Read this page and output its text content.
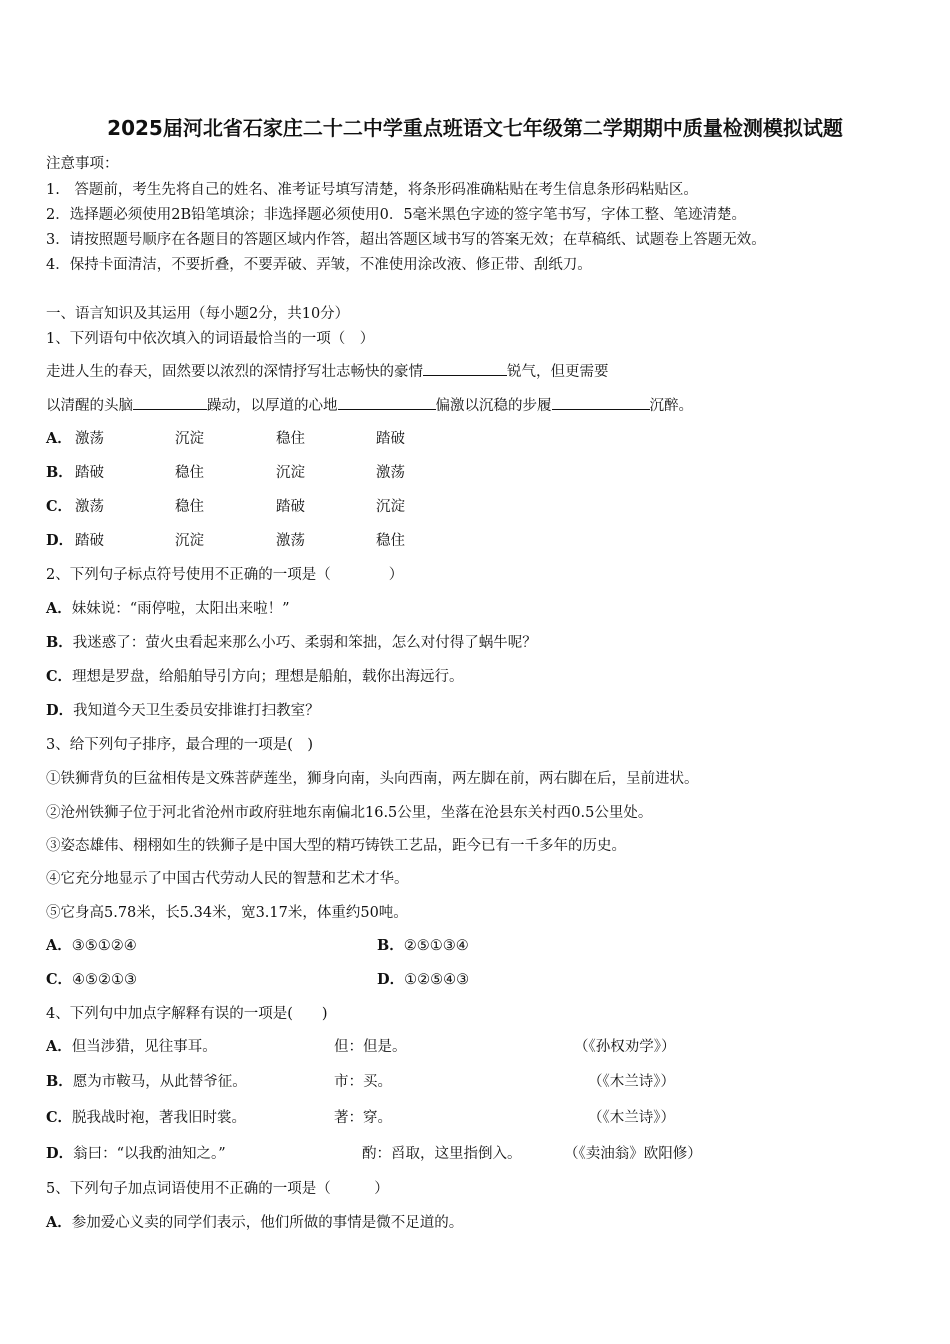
2025届河北省石家庄二十二中学重点班语文七年级第二学期期中质量检测模拟试题
注意事项：
1.　答题前，考生先将自己的姓名、准考证号填写清楚，将条形码准确粘贴在考生信息条形码粘贴区。
2．选择题必须使用2B铅笔填涂；非选择题必须使用0．5毫米黑色字迹的签字笔书写，字体工整、笔迹清楚。
3．请按照题号顺序在各题目的答题区域内作答，超出答题区域书写的答案无效；在草稿纸、试题卷上答题无效。
4．保持卡面清洁，不要折叠，不要弄破、弄皱，不准使用涂改液、修正带、刮纸刀。
一、语言知识及其运用（每小题2分，共10分）
1、下列语句中依次填入的词语最恰当的一项（　）
走进人生的春天，固然要以浓烈的深情抒写壮志畅快的豪情	锐气，但更需要
以清醒的头脑	躁动，以厚道的心地	偏激以沉稳的步履	沉醉。
A． 激荡	沉淀	稳住	踏破
B． 踏破	稳住	沉淀	激荡
C． 激荡	稳住	踏破	沉淀
D． 踏破	沉淀	激荡	稳住
2、下列句子标点符号使用不正确的一项是（　　　　）
A．妹妹说：“雨停啦，太阳出来啦！”
B．我迷惑了：萤火虫看起来那么小巧、柔弱和笨拙，怎么对付得了蜗牛呢？
C．理想是罗盘，给船舶导引方向；理想是船舶，载你出海远行。
D．我知道今天卫生委员安排谁打扫教室？
3、给下列句子排序，最合理的一项是(　)
①铁狮背负的巨盆相传是文殊菩萨莲坐，狮身向南，头向西南，两左脚在前，两右脚在后，呈前进状。
②沧州铁狮子位于河北省沧州市政府驻地东南偏北16.5公里，坐落在沧县东关村西0.5公里处。
③姿态雄伟、栩栩如生的铁狮子是中国大型的精巧铸铁工艺品，距今已有一千多年的历史。
④它充分地显示了中国古代劳动人民的智慧和艺术才华。
⑤它身高5.78米，长5.34米，宽3.17米，体重约50吨。
A．③⑤①②④	B．②⑤①③④
C．④⑤②①③	D．①②⑤④③
4、下列句中加点字解释有误的一项是(　　)
A．但当涉猎，见往事耳。	但：但是。	（《孙权劝学》）
B．愿为市鞍马，从此替爷征。	市：买。	（《木兰诗》）
C．脱我战时袍，著我旧时裳。	著：穿。	（《木兰诗》）
D．翁曰：“以我酌油知之。”	酌：舀取，这里指倒入。	（《卖油翁》欧阳修）
5、下列句子加点词语使用不正确的一项是（　　　）
A．参加爱心义卖的同学们表示，他们所做的事情是微不足道的。
